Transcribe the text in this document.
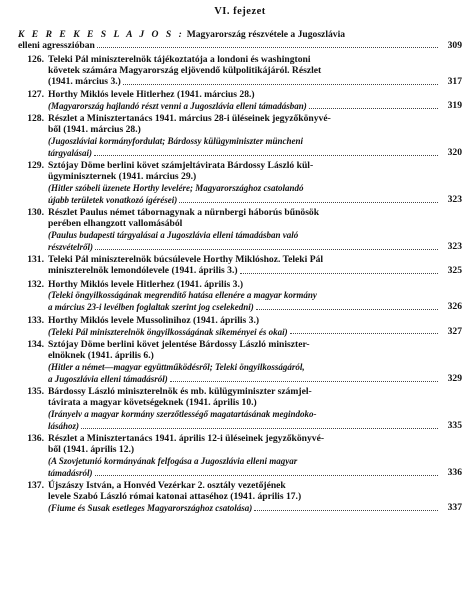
VI. fejezet
K E R E K E S L A J O S : Magyarország részvétele a Jugoszlávia
elleni agresszióban	309
126. Teleki Pál miniszterelnök tájékoztatója a londoni és washingtoni
követek számára Magyarország eljövendő külpolitikájáról. Részlet
(1941. március 3.)	317
127. Horthy Miklós levele Hitlerhez (1941. március 28.)
(Magyarország hajlandó részt venni a Jugoszlávia elleni támadásban)	319
128. Részlet a Minisztertanács 1941. március 28-i üléseinek jegyzőkönyvé-
ből (1941. március 28.)
(Jugoszláviai kormányfordulat; Bárdossy külügyminiszter müncheni
tárgyalásai)	320
129. Sztójay Döme berlini követ számjeltávirata Bárdossy László kül-
ügyminiszternek (1941. március 29.)
(Hitler szóbeli üzenete Horthy levelére; Magyarországhoz csatolandó
újabb területek vonatkozó ígérései)	323
130. Részlet Paulus német tábornagynak a nürnbergi háborús bűnösök
perében elhangzott vallomásából
(Paulus budapesti tárgyalásai a Jugoszlávia elleni támadásban való
részvételről)	323
131. Teleki Pál miniszterelnök búcsúlevele Horthy Miklóshoz. Teleki Pál
miniszterelnök lemondólevele (1941. április 3.)	325
132. Horthy Miklós levele Hitlerhez (1941. április 3.)
(Teleki öngyilkosságának megrendítő hatása ellenére a magyar kormány
a március 23-i levélben foglaltak szerint jog cselekedni)	326
133. Horthy Miklós levele Mussolinihoz (1941. április 3.)
(Teleki Pál miniszterelnök öngyilkosságának sikeményei és okai)	327
134. Sztójay Döme berlini követ jelentése Bárdossy László miniszter-
elnöknek (1941. április 6.)
(Hitler a német—magyar együttműködésről; Teleki öngyilkosságáról,
a Jugoszlávia elleni támadásról)	329
135. Bárdossy László miniszterelnök és mb. külügyminiszter számjel-
távirata a magyar követségeknek (1941. április 10.)
(Irányelv a magyar kormány szerzőtlességő magatartásának megindoko-
lásához)	335
136. Részlet a Minisztertanács 1941. április 12-i üléseinek jegyzőkönyvé-
ből (1941. április 12.)
(A Szovjetunió kormányának felfogása a Jugoszlávia elleni magyar
támadásról)	336
137. Újszászy István, a Honvéd Vezérkar 2. osztály vezetőjének
levele Szabó László római katonai attaséhoz (1941. április 17.)
(Fiume és Susak esetleges Magyarországhoz csatolása)	337
